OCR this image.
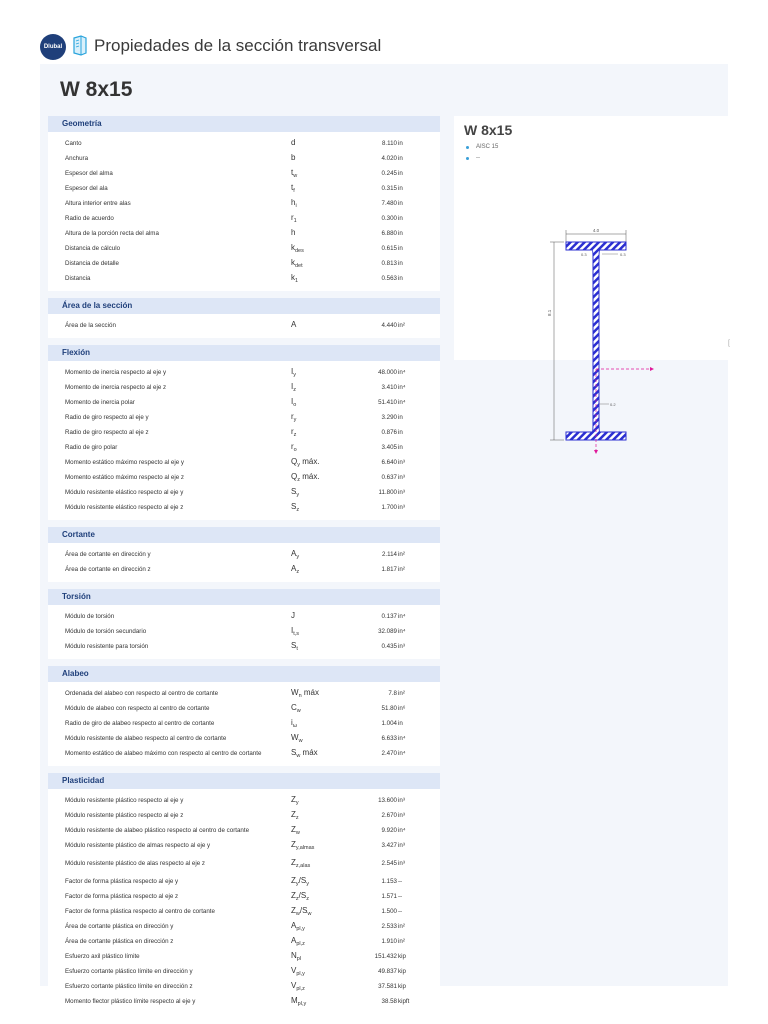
Dlubal Propiedades de la sección transversal
W 8x15
Geometría
Canto	d	8.110 in
Anchura	b	4.020 in
Espesor del alma	$t_w$	0.245 in
Espesor del ala	$t_f$	0.315 in
Altura interior entre alas	$h_i$	7.480 in
Radio de acuerdo	$r_1$	0.300 in
Altura de la porción recta del alma	h	6.880 in
Distancia de cálculo	$k_{des}$	0.615 in
Distancia de detalle	$k_{det}$	0.813 in
Distancia	$k_1$	0.563 in
Área de la sección
Área de la sección	A	4.440 in²
Flexión
Momento de inercia respecto al eje y	$I_y$	48.000 in⁴
Momento de inercia respecto al eje z	$I_z$	3.410 in⁴
Momento de inercia polar	$I_o$	51.410 in⁴
Radio de giro respecto al eje y	$r_y$	3.290 in
Radio de giro respecto al eje z	$r_z$	0.876 in
Radio de giro polar	$r_o$	3.405 in
Momento estático máximo respecto al eje y	$Q_y$ máx.	6.640 in³
Momento estático máximo respecto al eje z	$Q_z$ máx.	0.637 in³
Módulo resistente elástico respecto al eje y	$S_y$	11.800 in³
Módulo resistente elástico respecto al eje z	$S_z$	1.700 in³
Cortante
Área de cortante en dirección y	$A_y$	2.114 in²
Área de cortante en dirección z	$A_z$	1.817 in²
Torsión
Módulo de torsión	J	0.137 in⁴
Módulo de torsión secundario	$I_{t,s}$	32.089 in⁴
Módulo resistente para torsión	$S_t$	0.435 in³
Alabeo
Ordenada del alabeo con respecto al centro de cortante	$W_n$ máx	7.8 in²
Módulo de alabeo con respecto al centro de cortante	$C_w$	51.80 in⁶
Radio de giro de alabeo respecto al centro de cortante	$i_\omega$	1.004 in
Módulo resistente de alabeo respecto al centro de cortante	$W_w$	6.633 in⁴
Momento estático de alabeo máximo con respecto al centro de cortante	$S_w$ máx	2.470 in⁴
Plasticidad
Módulo resistente plástico respecto al eje y	$Z_y$	13.600 in³
Módulo resistente plástico respecto al eje z	$Z_z$	2.670 in³
Módulo resistente de alabeo plástico respecto al centro de cortante	$Z_w$	9.920 in⁴
Módulo resistente plástico de almas respecto al eje y	$Z_{y,almas}$	3.427 in³
Módulo resistente plástico de alas respecto al eje z	$Z_{z,alas}$	2.545 in³
Factor de forma plástica respecto al eje y	$Z_y/S_y$	1.153 --
Factor de forma plástica respecto al eje z	$Z_z/S_z$	1.571 --
Factor de forma plástica respecto al centro de cortante	$Z_w/S_w$	1.500 --
Área de cortante plástica en dirección y	$A_{pl,y}$	2.533 in²
Área de cortante plástica en dirección z	$A_{pl,z}$	1.910 in²
Esfuerzo axil plástico límite	$N_{pl}$	151.432 kip
Esfuerzo cortante plástico límite en dirección y	$V_{pl,y}$	49.837 kip
Esfuerzo cortante plástico límite en dirección z	$V_{pl,z}$	37.581 kip
Momento flector plástico límite respecto al eje y	$M_{pl,y}$	38.58 kipft
W 8x15
AISC 15
--
4.0
8.1
0.3	0.3
0.2
[
